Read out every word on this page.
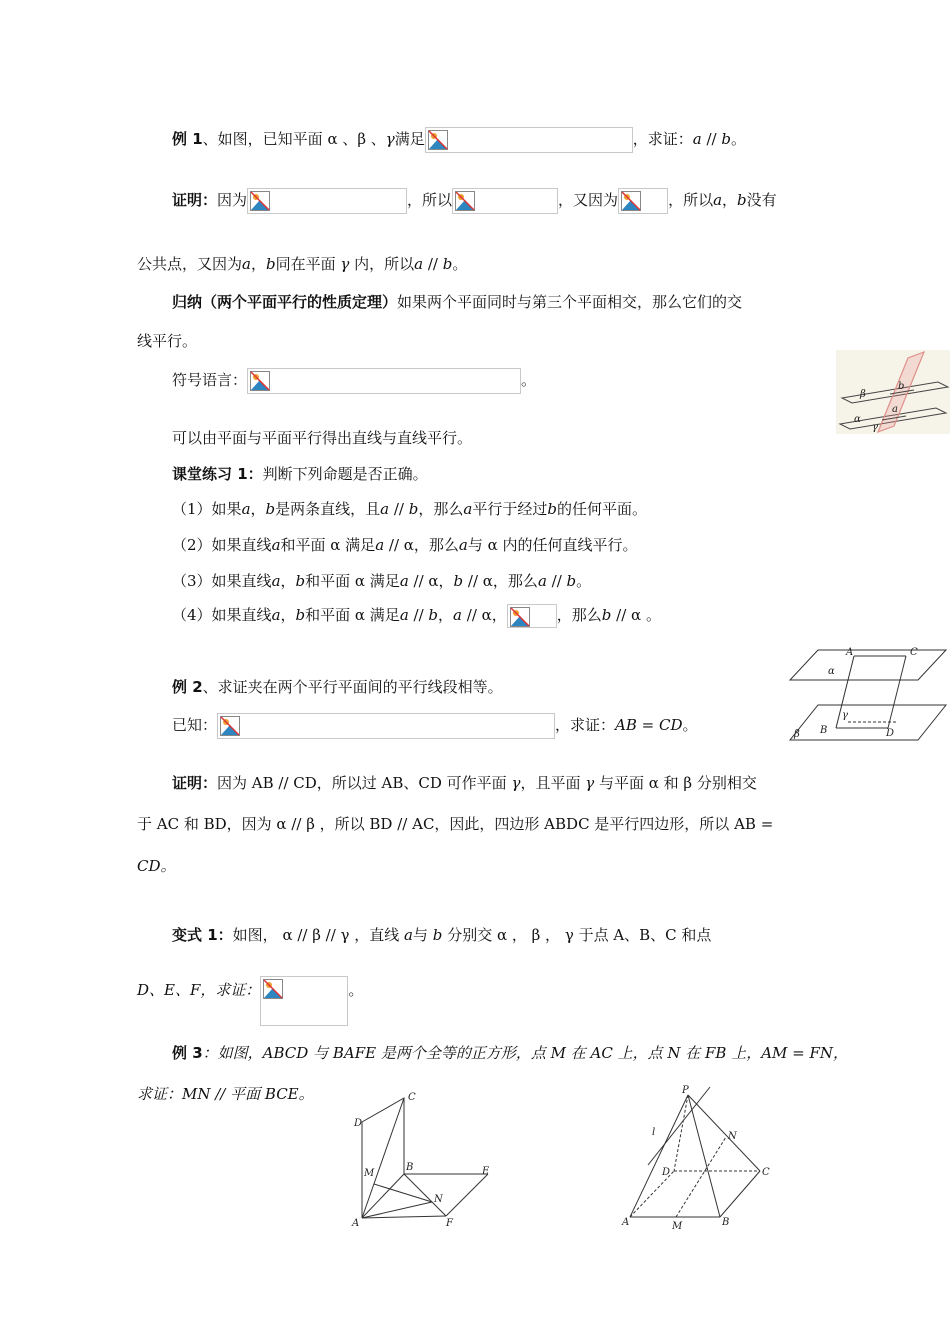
例 1、如图，已知平面 α 、β 、γ满足	，求证：a // b。
证明：因为	，所以	，又因为	，所以a，b没有
公共点，又因为a，b同在平面 γ 内，所以a // b。
归纳（两个平面平行的性质定理）如果两个平面同时与第三个平面相交，那么它们的交
线平行。
符号语言：	。
可以由平面与平面平行得出直线与直线平行。
课堂练习 1：判断下列命题是否正确。
（1）如果a，b是两条直线，且a // b，那么a平行于经过b的任何平面。
（2）如果直线a和平面 α 满足a // α，那么a与 α 内的任何直线平行。
（3）如果直线a，b和平面 α 满足a // α，b // α，那么a // b。
（4）如果直线a，b和平面 α 满足a // b，a // α，	，那么b // α 。
例 2、求证夹在两个平行平面间的平行线段相等。
已知：	，求证：AB = CD。
证明：因为 AB // CD，所以过 AB、CD 可作平面 γ，且平面 γ 与平面 α 和 β 分别相交
于 AC 和 BD，因为 α // β ，所以 BD // AC，因此，四边形 ABDC 是平行四边形，所以 AB =
CD。
变式 1：如图， α // β // γ ，直线 a与 b 分别交 α ， β ， γ 于点 A、B、C 和点
D、E、F，求证：	。
例 3：如图，ABCD 与 BAFE 是两个全等的正方形，点 M 在 AC 上，点 N 在 FB 上，AM = FN，
求证：MN // 平面 BCE。
b
β
a
α
γ
A	C
α
γ
β B	D
C
D
M
B	E
N
A	F
P
l	N
D	C
A	M	B
